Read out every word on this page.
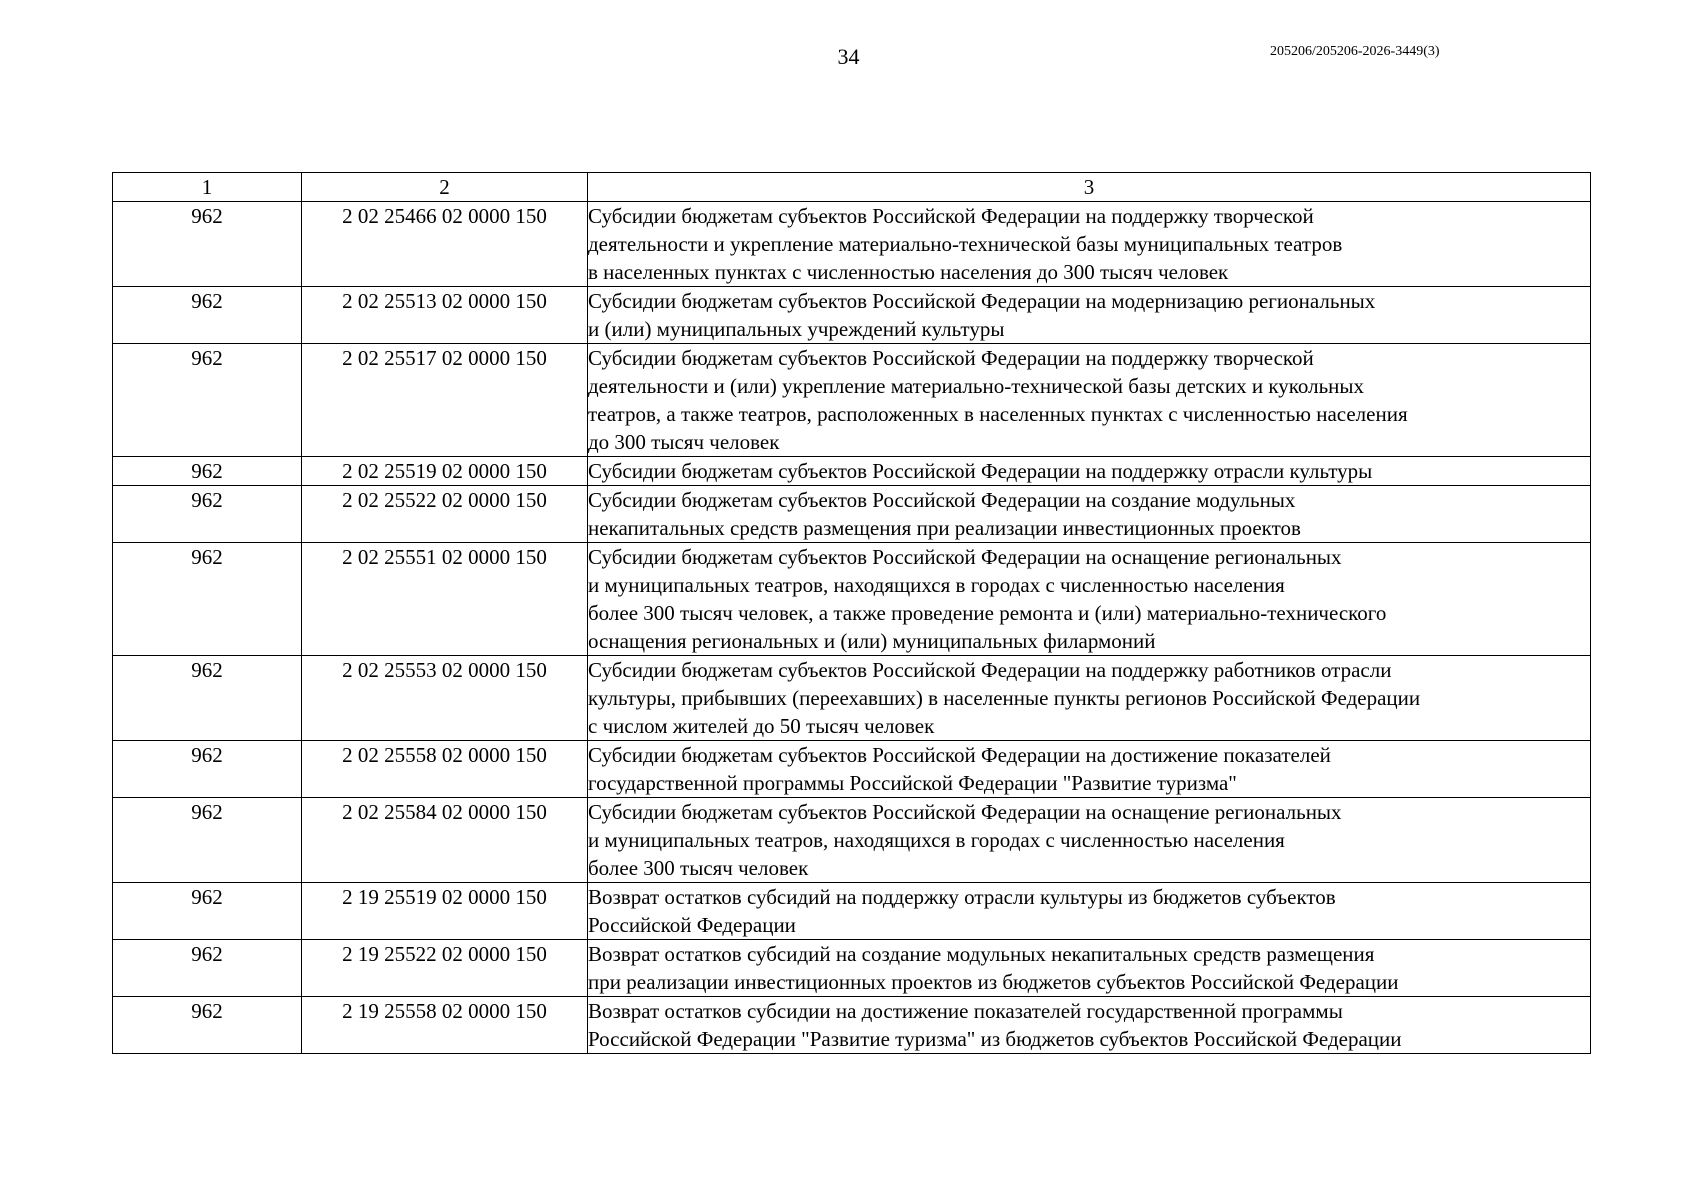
34	205206/205206-2026-3449(3)
1	2	3
962	2 02 25466 02 0000 150	Субсидии бюджетам субъектов Российской Федерации на поддержку творческой
деятельности и укрепление материально-технической базы муниципальных театров
в населенных пунктах с численностью населения до 300 тысяч человек

962	2 02 25513 02 0000 150	Субсидии бюджетам субъектов Российской Федерации на модернизацию региональных
и (или) муниципальных учреждений культуры

962	2 02 25517 02 0000 150	Субсидии бюджетам субъектов Российской Федерации на поддержку творческой
деятельности и (или) укрепление материально-технической базы детских и кукольных
театров, а также театров, расположенных в населенных пунктах с численностью населения
до 300 тысяч человек

962	2 02 25519 02 0000 150	Субсидии бюджетам субъектов Российской Федерации на поддержку отрасли культуры

962	2 02 25522 02 0000 150	Субсидии бюджетам субъектов Российской Федерации на создание модульных
некапитальных средств размещения при реализации инвестиционных проектов

962	2 02 25551 02 0000 150	Субсидии бюджетам субъектов Российской Федерации на оснащение региональных
и муниципальных театров, находящихся в городах с численностью населения
более 300 тысяч человек, а также проведение ремонта и (или) материально-технического
оснащения региональных и (или) муниципальных филармоний

962	2 02 25553 02 0000 150	Субсидии бюджетам субъектов Российской Федерации на поддержку работников отрасли
культуры, прибывших (переехавших) в населенные пункты регионов Российской Федерации
с числом жителей до 50 тысяч человек

962	2 02 25558 02 0000 150	Субсидии бюджетам субъектов Российской Федерации на достижение показателей
государственной программы Российской Федерации "Развитие туризма"

962	2 02 25584 02 0000 150	Субсидии бюджетам субъектов Российской Федерации на оснащение региональных
и муниципальных театров, находящихся в городах с численностью населения
более 300 тысяч человек

962	2 19 25519 02 0000 150	Возврат остатков субсидий на поддержку отрасли культуры из бюджетов субъектов
Российской Федерации

962	2 19 25522 02 0000 150	Возврат остатков субсидий на создание модульных некапитальных средств размещения
при реализации инвестиционных проектов из бюджетов субъектов Российской Федерации

962	2 19 25558 02 0000 150	Возврат остатков субсидии на достижение показателей государственной программы
Российской Федерации "Развитие туризма" из бюджетов субъектов Российской Федерации
